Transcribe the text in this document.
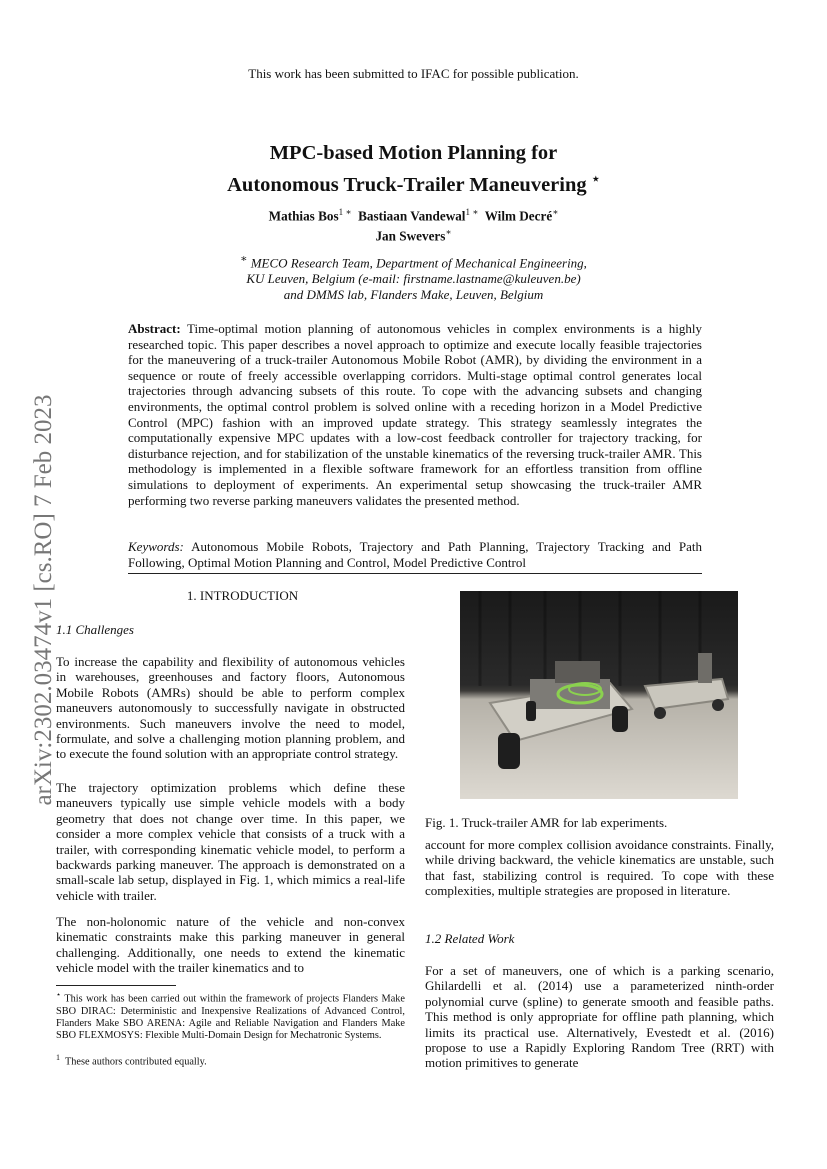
This work has been submitted to IFAC for possible publication.
MPC-based Motion Planning for
Autonomous Truck-Trailer Maneuvering ⋆
Mathias Bos$^{1 ∗}$ Bastiaan Vandewal$^{1 ∗}$ Wilm Decré∗
Jan Swevers∗
∗ MECO Research Team, Department of Mechanical Engineering,
KU Leuven, Belgium (e-mail: firstname.lastname@kuleuven.be)
and DMMS lab, Flanders Make, Leuven, Belgium
Abstract: Time-optimal motion planning of autonomous vehicles in complex environments is a highly researched topic. This paper describes a novel approach to optimize and execute locally feasible trajectories for the maneuvering of a truck-trailer Autonomous Mobile Robot (AMR), by dividing the environment in a sequence or route of freely accessible overlapping corridors. Multi-stage optimal control generates local trajectories through advancing subsets of this route. To cope with the advancing subsets and changing environments, the optimal control problem is solved online with a receding horizon in a Model Predictive Control (MPC) fashion with an improved update strategy. This strategy seamlessly integrates the computationally expensive MPC updates with a low-cost feedback controller for trajectory tracking, for disturbance rejection, and for stabilization of the unstable kinematics of the reversing truck-trailer AMR. This methodology is implemented in a flexible software framework for an effortless transition from offline simulations to deployment of experiments. An experimental setup showcasing the truck-trailer AMR performing two reverse parking maneuvers validates the presented method.
Keywords: Autonomous Mobile Robots, Trajectory and Path Planning, Trajectory Tracking and Path Following, Optimal Motion Planning and Control, Model Predictive Control
arXiv:2302.03474v1 [cs.RO] 7 Feb 2023	1. INTRODUCTION
1.1 Challenges
To increase the capability and flexibility of autonomous vehicles in warehouses, greenhouses and factory floors, Autonomous Mobile Robots (AMRs) should be able to perform complex maneuvers autonomously to successfully navigate in obstructed environments. Such maneuvers involve the need to model, formulate, and solve a challenging motion planning problem, and to execute the found solution with an appropriate control strategy.
The trajectory optimization problems which define these maneuvers typically use simple vehicle models with a body geometry that does not change over time. In this paper, we consider a more complex vehicle that consists of a truck with a trailer, with corresponding kinematic vehicle model, to perform a backwards parking maneuver. The approach is demonstrated on a small-scale lab setup, displayed in Fig. 1, which mimics a real-life vehicle with trailer.
The non-holonomic nature of the vehicle and non-convex kinematic constraints make this parking maneuver in general challenging. Additionally, one needs to extend the kinematic vehicle model with the trailer kinematics and to
⋆ This work has been carried out within the framework of projects Flanders Make SBO DIRAC: Deterministic and Inexpensive Realizations of Advanced Control, Flanders Make SBO ARENA: Agile and Reliable Navigation and Flanders Make SBO FLEXMOSYS: Flexible Multi-Domain Design for Mechatronic Systems.
$^1$ These authors contributed equally.
Fig. 1. Truck-trailer AMR for lab experiments.
account for more complex collision avoidance constraints. Finally, while driving backward, the vehicle kinematics are unstable, such that fast, stabilizing control is required. To cope with these complexities, multiple strategies are proposed in literature.
1.2 Related Work
For a set of maneuvers, one of which is a parking scenario, Ghilardelli et al. (2014) use a parameterized ninth-order polynomial curve (spline) to generate smooth and feasible paths. This method is only appropriate for offline path planning, which limits its practical use. Alternatively, Evestedt et al. (2016) propose to use a Rapidly Exploring Random Tree (RRT) with motion primitives to generate
